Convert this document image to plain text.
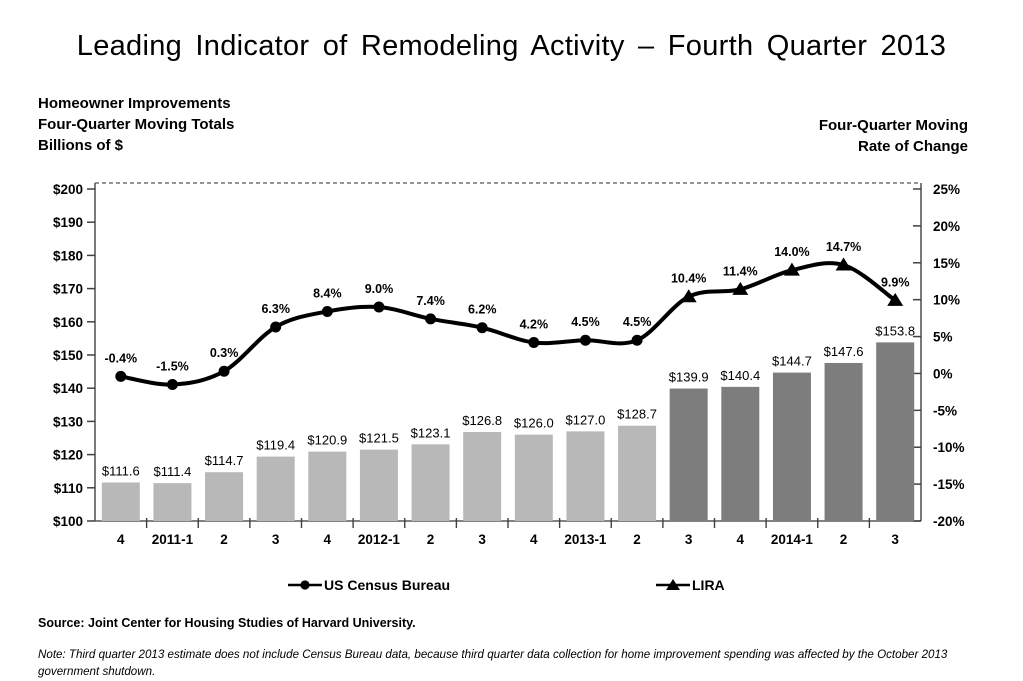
Leading Indicator of Remodeling Activity – Fourth Quarter 2013
Homeowner Improvements
Four-Quarter Moving Totals
Billions of $
Four-Quarter Moving
Rate of Change
$200
$190
$180
$170
$160
$150
$140
$130
$120
$110
$100
25%
20%
15%
10%
5%
0%
-5%
-10%
-15%
-20%
4 2011-1 2	3	4 2012-1 2	3	4 2013-1 2	3	4 2014-1 2	3
$111.6 $111.4
$114.7
$119.4 $120.9 $121.5 $123.1
$126.8 $126.0 $127.0 $128.7
$139.9 $140.4
$144.7
$147.6
$153.8
-0.4%
-1.5%
0.3%
6.3%
8.4% 9.0%
7.4%
6.2%
4.2% 4.5% 4.5%
10.4%
11.4%
14.0% 14.7%
9.9%
US Census Bureau	LIRA
Source: Joint Center for Housing Studies of Harvard University.
Note: Third quarter 2013 estimate does not include Census Bureau data, because third quarter data collection for home improvement spending was affected by the October 2013 government shutdown.
